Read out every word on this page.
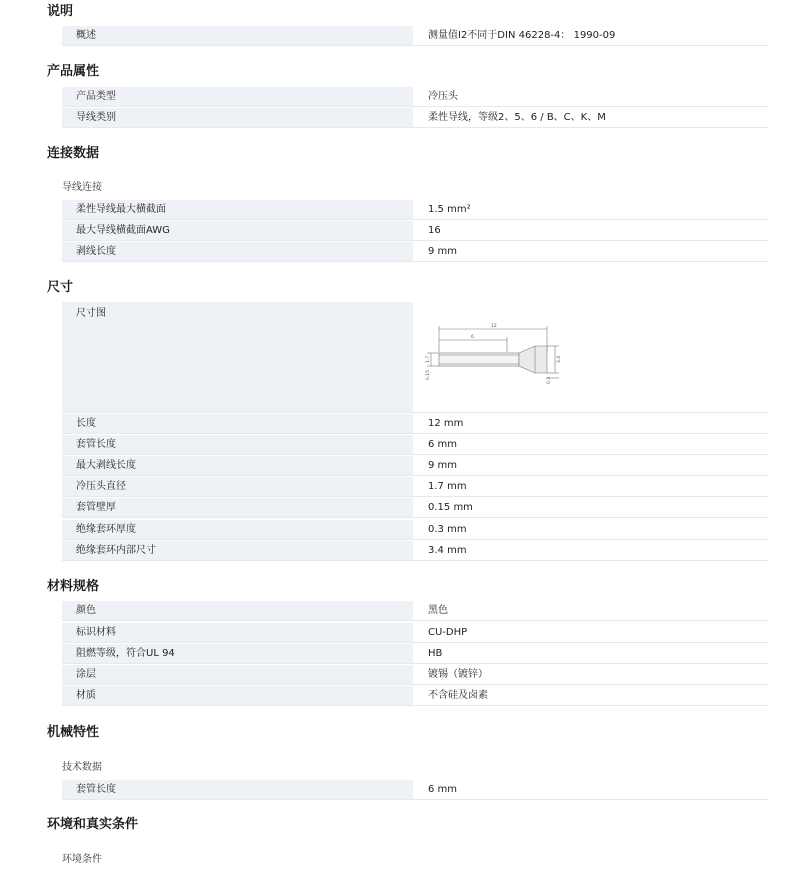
说明
概述	测量值I2不同于DIN 46228-4： 1990-09
产品属性
产品类型	冷压头
导线类别	柔性导线，等级2、5、6 / B、C、K、M
连接数据
导线连接
柔性导线最大横截面	1.5 mm²
最大导线横截面AWG	16
剥线长度	9 mm
尺寸
尺寸图
12
6
1.7
0.15
3.4
0.3
长度	12 mm
套管长度	6 mm
最大剥线长度	9 mm
冷压头直径	1.7 mm
套管壁厚	0.15 mm
绝缘套环厚度	0.3 mm
绝缘套环内部尺寸	3.4 mm
材料规格
颜色	黑色
标识材料	CU-DHP
阻燃等级，符合UL 94	HB
涂层	镀锡（镀锌）
材质	不含硅及卤素
机械特性
技术数据
套管长度	6 mm
环境和真实条件
环境条件
